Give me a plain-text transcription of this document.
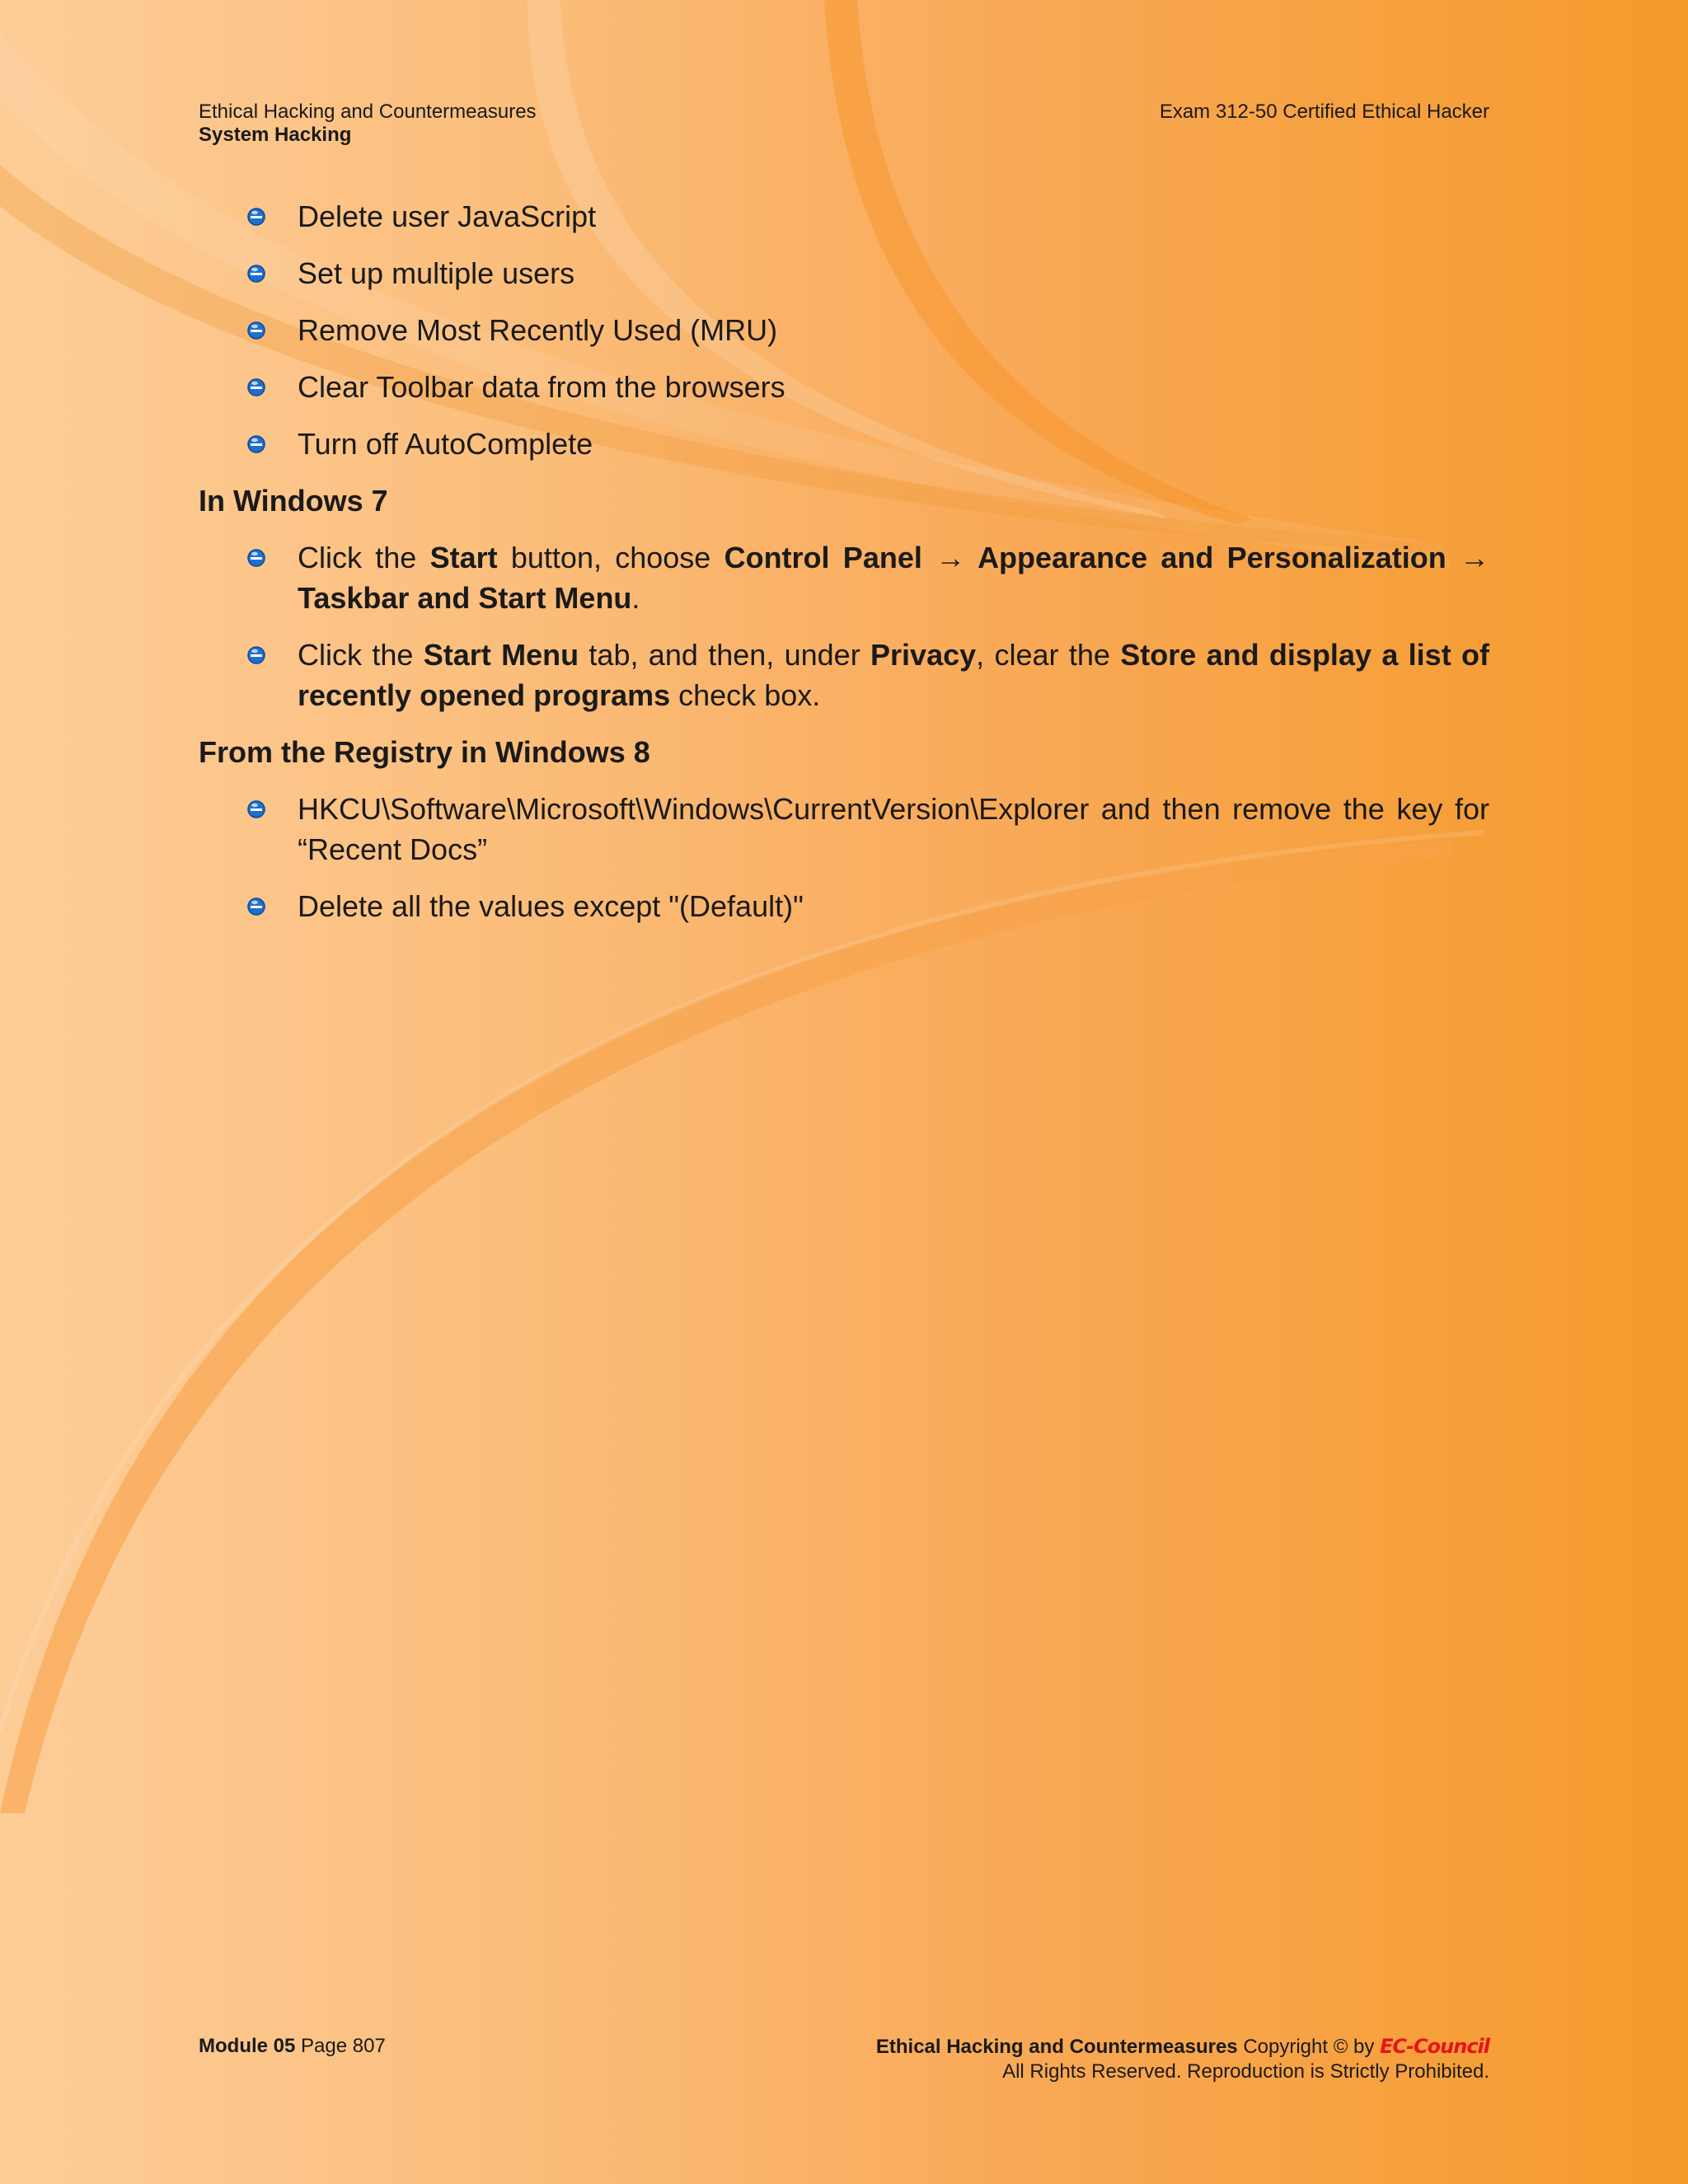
Ethical Hacking and Countermeasures
System Hacking
Exam 312-50 Certified Ethical Hacker
Delete user JavaScript
Set up multiple users
Remove Most Recently Used (MRU)
Clear Toolbar data from the browsers
Turn off AutoComplete
In Windows 7
Click the Start button, choose Control Panel → Appearance and Personalization → Taskbar and Start Menu.
Click the Start Menu tab, and then, under Privacy, clear the Store and display a list of recently opened programs check box.
From the Registry in Windows 8
HKCU\Software\Microsoft\Windows\CurrentVersion\Explorer and then remove the key for “Recent Docs”
Delete all the values except "(Default)"
Module 05 Page 807	Ethical Hacking and Countermeasures Copyright © by EC-Council
All Rights Reserved. Reproduction is Strictly Prohibited.
